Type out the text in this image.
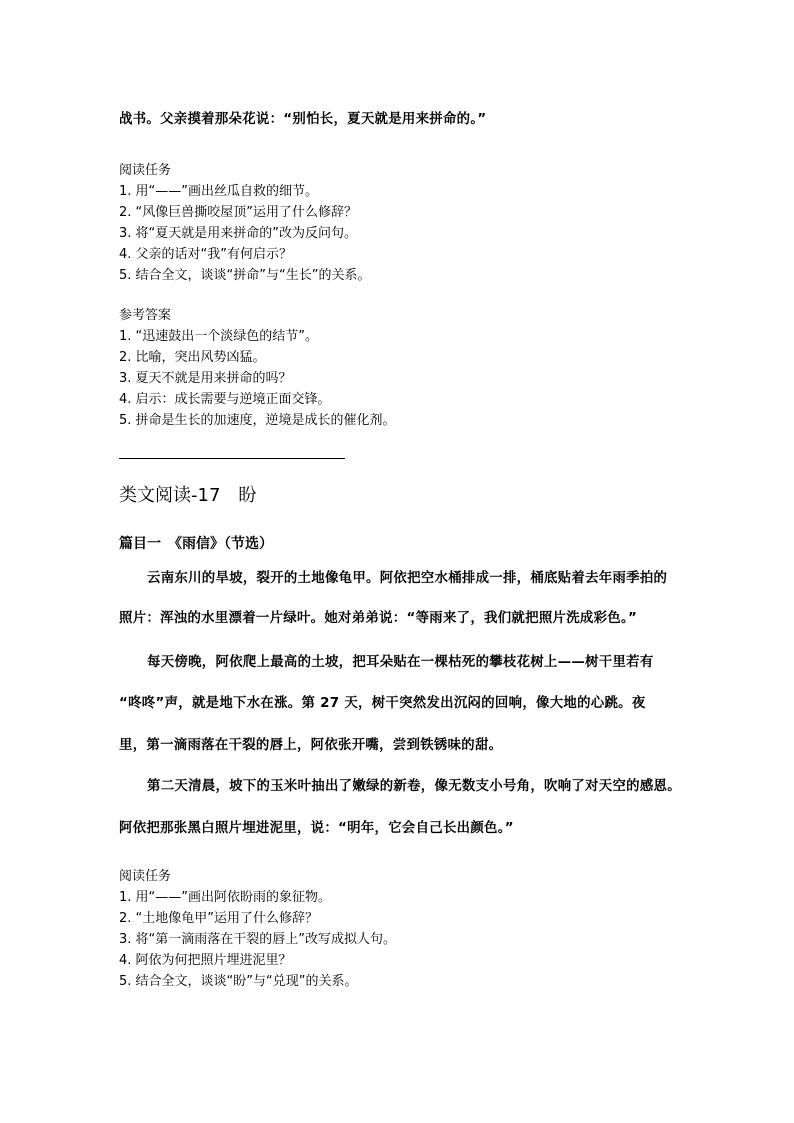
战书。父亲摸着那朵花说：“别怕长，夏天就是用来拼命的。”
阅读任务
1. 用“——”画出丝瓜自救的细节。
2. “风像巨兽撕咬屋顶”运用了什么修辞？
3. 将“夏天就是用来拼命的”改为反问句。
4. 父亲的话对“我”有何启示？
5. 结合全文，谈谈“拼命”与“生长”的关系。
参考答案
1. “迅速鼓出一个淡绿色的结节”。
2. 比喻，突出风势凶猛。
3. 夏天不就是用来拼命的吗？
4. 启示：成长需要与逆境正面交锋。
5. 拼命是生长的加速度，逆境是成长的催化剂。
类文阅读-17　盼
篇目一　《雨信》（节选）
云南东川的旱坡，裂开的土地像龟甲。阿依把空水桶排成一排，桶底贴着去年雨季拍的
照片：浑浊的水里漂着一片绿叶。她对弟弟说：“等雨来了，我们就把照片洗成彩色。”
每天傍晚，阿依爬上最高的土坡，把耳朵贴在一棵枯死的攀枝花树上——树干里若有
“咚咚”声，就是地下水在涨。第 27 天，树干突然发出沉闷的回响，像大地的心跳。夜
里，第一滴雨落在干裂的唇上，阿依张开嘴，尝到铁锈味的甜。
第二天清晨，坡下的玉米叶抽出了嫩绿的新卷，像无数支小号角，吹响了对天空的感恩。
阿依把那张黑白照片埋进泥里，说：“明年，它会自己长出颜色。”
阅读任务
1. 用“——”画出阿依盼雨的象征物。
2. “土地像龟甲”运用了什么修辞？
3. 将“第一滴雨落在干裂的唇上”改写成拟人句。
4. 阿依为何把照片埋进泥里？
5. 结合全文，谈谈“盼”与“兑现”的关系。
